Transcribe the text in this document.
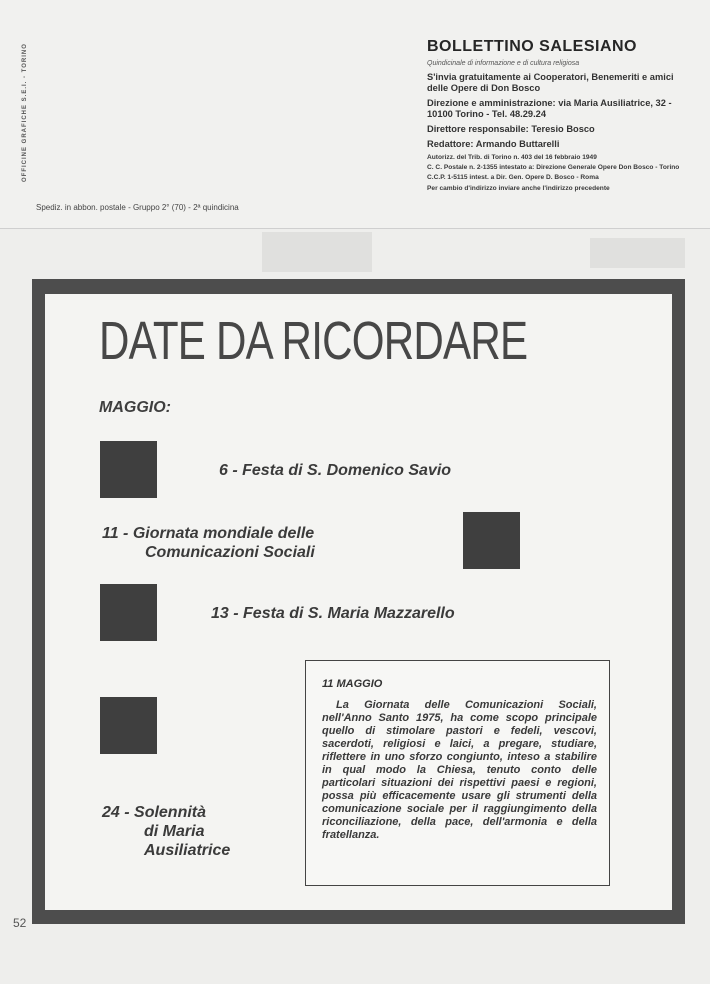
OFFICINE GRAFICHE S.E.I. - TORINO
Spediz. in abbon. postale - Gruppo 2° (70) - 2ª quindicina
BOLLETTINO SALESIANO
Quindicinale di informazione e di cultura religiosa
S'invia gratuitamente ai Cooperatori, Benemeriti e amici delle Opere di Don Bosco
Direzione e amministrazione: via Maria Ausiliatrice, 32 - 10100 Torino - Tel. 48.29.24
Direttore responsabile: Teresio Bosco
Redattore: Armando Buttarelli
Autorizz. del Trib. di Torino n. 403 del 16 febbraio 1949
C. C. Postale n. 2-1355 intestato a: Direzione Generale Opere Don Bosco - Torino
C.C.P. 1-5115 intest. a Dir. Gen. Opere D. Bosco - Roma
Per cambio d'indirizzo inviare anche l'indirizzo precedente
DATE DA RICORDARE
MAGGIO:
6 - Festa di S. Domenico Savio
11 - Giornata mondiale delle
Comunicazioni Sociali
13 - Festa di S. Maria Mazzarello
24 - Solennità
di Maria
Ausiliatrice
11 MAGGIO

La Giornata delle Comunicazioni Sociali, nell'Anno Santo 1975, ha come scopo principale quello di stimolare pastori e fedeli, vescovi, sacerdoti, religiosi e laici, a pregare, studiare, riflettere in uno sforzo congiunto, inteso a stabilire in qual modo la Chiesa, tenuto conto delle particolari situazioni dei rispettivi paesi e regioni, possa più efficacemente usare gli strumenti della comunicazione sociale per il raggiungimento della riconciliazione, della pace, dell'armonia e della fratellanza.

52
